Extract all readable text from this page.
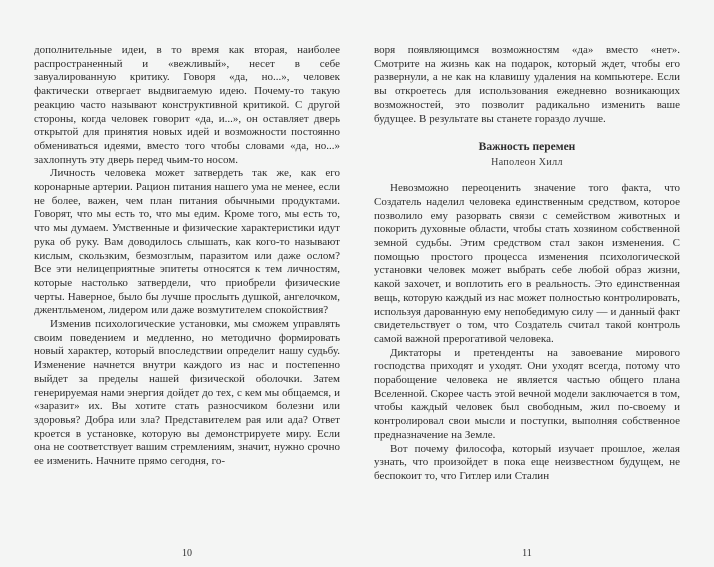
дополнительные идеи, в то время как вторая, наиболее распространенный и «вежливый», несет в себе завуалированную критику. Говоря «да, но...», человек фактически отвергает выдвигаемую идею. Почему-то такую реакцию часто называют конструктивной критикой. С другой стороны, когда человек говорит «да, и...», он оставляет дверь открытой для принятия новых идей и возможности постоянно обмениваться идеями, вместо того чтобы словами «да, но...» захлопнуть эту дверь перед чьим-то носом.

Личность человека может затвердеть так же, как его коронарные артерии. Рацион питания нашего ума не менее, если не более, важен, чем план питания обычными продуктами. Говорят, что мы есть то, что мы едим. Кроме того, мы есть то, что мы думаем. Умственные и физические характеристики идут рука об руку. Вам доводилось слышать, как кого-то называют кислым, скользким, безмозглым, паразитом или даже ослом? Все эти нелицеприятные эпитеты относятся к тем личностям, которые настолько затвердели, что приобрели физические черты. Наверное, было бы лучше прослыть душкой, ангелочком, джентльменом, лидером или даже возмутителем спокойствия?

Изменив психологические установки, мы сможем управлять своим поведением и медленно, но методично формировать новый характер, который впоследствии определит нашу судьбу. Изменение начнется внутри каждого из нас и постепенно выйдет за пределы нашей физической оболочки. Затем генерируемая нами энергия дойдет до тех, с кем мы общаемся, и «заразит» их. Вы хотите стать разносчиком болезни или здоровья? Добра или зла? Представителем рая или ада? Ответ кроется в установке, которую вы демонстрируете миру. Если она не соответствует вашим стремлениям, значит, нужно срочно ее изменить. Начните прямо сегодня, го-

10

воря появляющимся возможностям «да» вместо «нет». Смотрите на жизнь как на подарок, который ждет, чтобы его развернули, а не как на клавишу удаления на компьютере. Если вы откроетесь для использования ежедневно возникающих возможностей, это позволит радикально изменить ваше будущее. В результате вы станете гораздо лучше.

Важность перемен
Наполеон Хилл

Невозможно переоценить значение того факта, что Создатель наделил человека единственным средством, которое позволило ему разорвать связи с семейством животных и покорить духовные области, чтобы стать хозяином собственной земной судьбы. Этим средством стал закон изменения. С помощью простого процесса изменения психологической установки человек может выбрать себе любой образ жизни, какой захочет, и воплотить его в реальность. Это единственная вещь, которую каждый из нас может полностью контролировать, используя дарованную ему непобедимую силу — и данный факт свидетельствует о том, что Создатель считал такой контроль самой важной прерогативой человека.

Диктаторы и претенденты на завоевание мирового господства приходят и уходят. Они уходят всегда, потому что порабощение человека не является частью общего плана Вселенной. Скорее часть этой вечной модели заключается в том, чтобы каждый человек был свободным, жил по-своему и контролировал свои мысли и поступки, выполняя собственное предназначение на Земле.

Вот почему философа, который изучает прошлое, желая узнать, что произойдет в пока еще неизвестном будущем, не беспокоит то, что Гитлер или Сталин

11
